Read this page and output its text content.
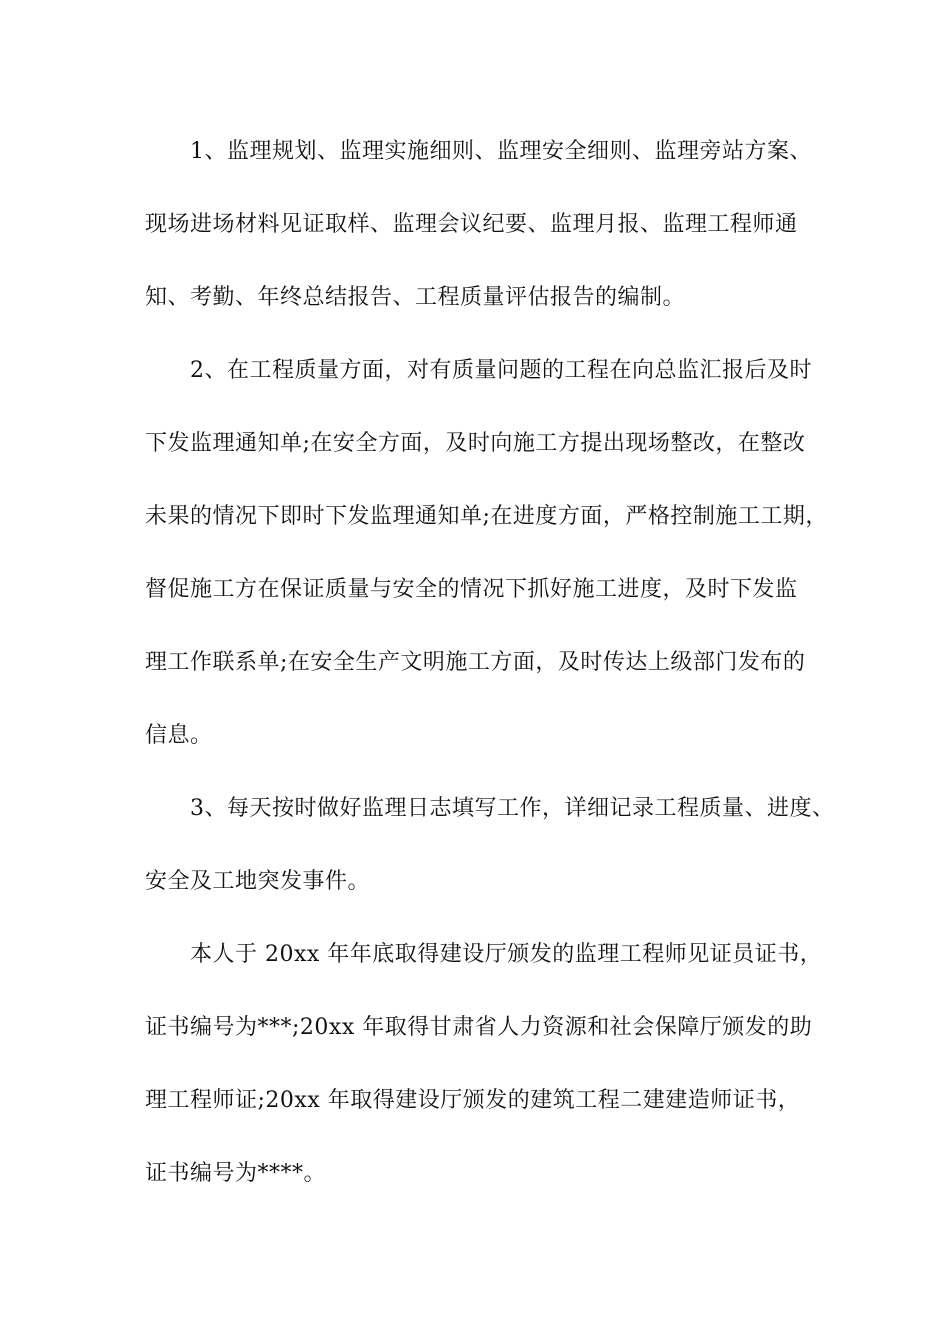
1、监理规划、监理实施细则、监理安全细则、监理旁站方案、
现场进场材料见证取样、监理会议纪要、监理月报、监理工程师通
知、考勤、年终总结报告、工程质量评估报告的编制。
2、在工程质量方面，对有质量问题的工程在向总监汇报后及时
下发监理通知单;在安全方面，及时向施工方提出现场整改，在整改
未果的情况下即时下发监理通知单;在进度方面，严格控制施工工期，
督促施工方在保证质量与安全的情况下抓好施工进度，及时下发监
理工作联系单;在安全生产文明施工方面，及时传达上级部门发布的
信息。
3、每天按时做好监理日志填写工作，详细记录工程质量、进度、
安全及工地突发事件。
本人于 20xx 年年底取得建设厅颁发的监理工程师见证员证书，
证书编号为***;20xx 年取得甘肃省人力资源和社会保障厅颁发的助
理工程师证;20xx 年取得建设厅颁发的建筑工程二建建造师证书，
证书编号为****。
